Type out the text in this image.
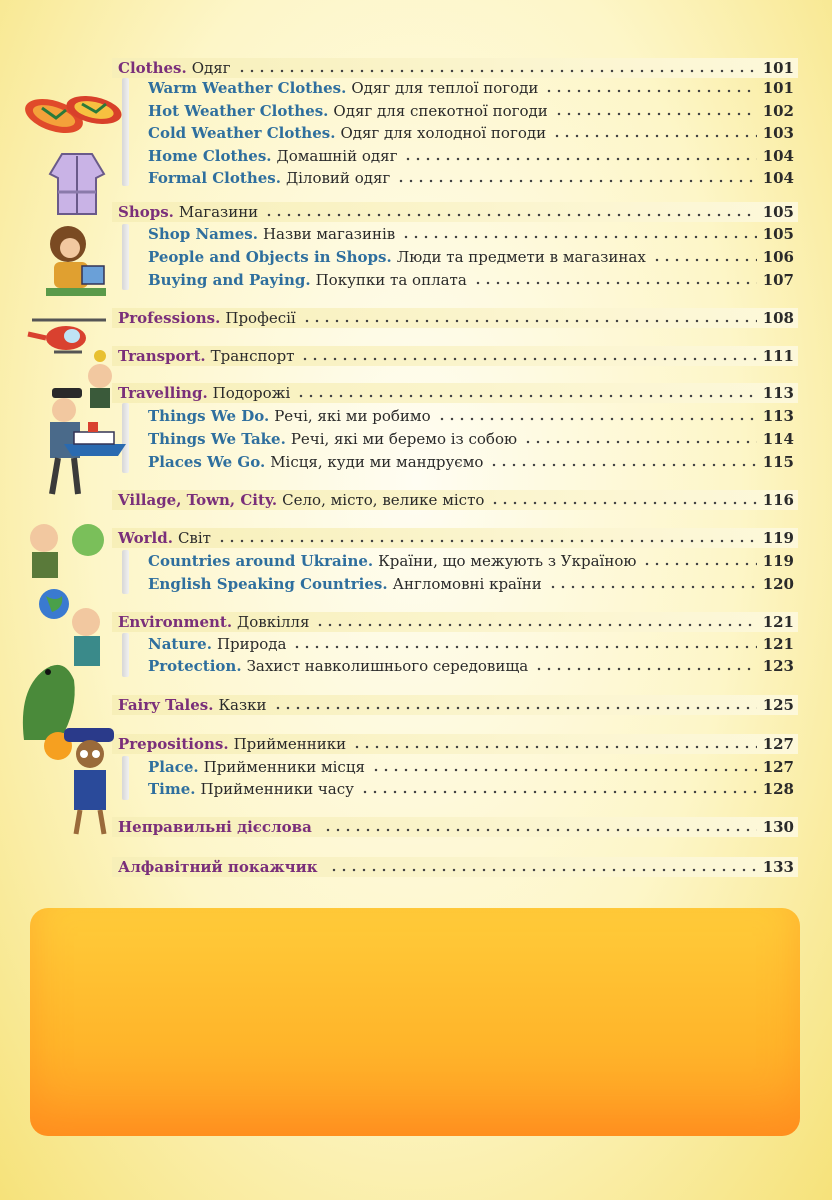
Clothes. Одяг	101
Warm Weather Clothes. Одяг для теплої погоди	101
Hot Weather Clothes. Одяг для спекотної погоди	102
Cold Weather Clothes. Одяг для холодної погоди	103
Home Clothes. Домашній одяг	104
Formal Clothes. Діловий одяг	104
Shops. Магазини	105
Shop Names. Назви магазинів	105
People and Objects in Shops. Люди та предмети в магазинах	106
Buying and Paying. Покупки та оплата	107
Professions. Професії	108
Transport. Транспорт	111
Travelling. Подорожі	113
Things We Do. Речі, які ми робимо	113
Things We Take. Речі, які ми беремо із собою	114
Places We Go. Місця, куди ми мандруємо	115
Village, Town, City. Село, місто, велике місто	116
World. Світ	119
Countries around Ukraine. Країни, що межують з Україною	119
English Speaking Countries. Англомовні країни	120
Environment. Довкілля	121
Nature. Природа	121
Protection. Захист навколишнього середовища	123
Fairy Tales. Казки	125
Prepositions. Прийменники	127
Place. Прийменники місця	127
Time. Прийменники часу	128
Неправильні дієслова	130
Алфавітний покажчик	133
